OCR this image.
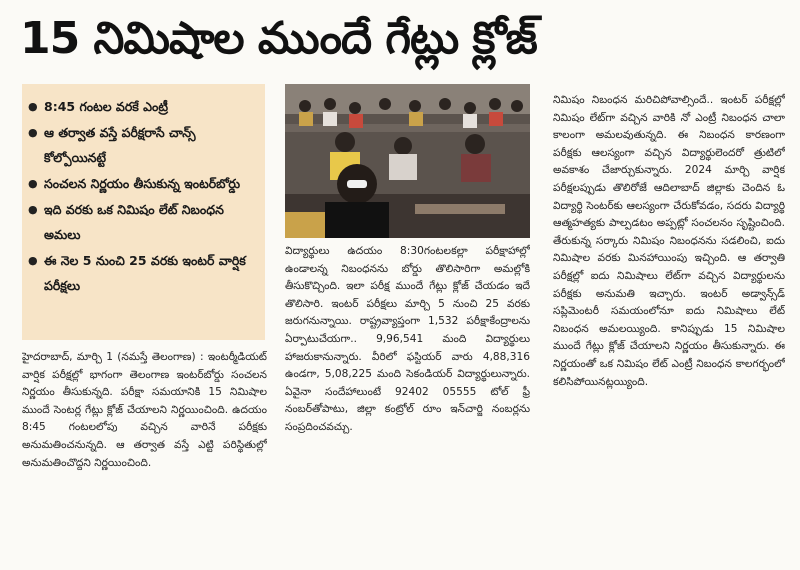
15 నిమిషాల ముందే గేట్లు క్లోజ్
● 8:45 గంటల వరకే ఎంట్రీ
● ఆ తర్వాత వస్తే పరీక్షరాసే చాన్స్ కోల్పోయినట్టే
● సంచలన నిర్ణయం తీసుకున్న ఇంటర్‌బోర్డు
● ఇది వరకు ఒక నిమిషం లేట్ నిబంధన అమలు
● ఈ నెల 5 నుంచి 25 వరకు ఇంటర్ వార్షిక పరీక్షలు

హైదరాబాద్, మార్చి 1 (నమస్తే తెలంగాణ) : ఇంటర్మీడియట్ వార్షిక పరీక్షల్లో భాగంగా తెలంగాణ ఇంటర్‌బోర్డు సంచలన నిర్ణయం తీసుకున్నది. పరీక్షా సమయానికి 15 నిమిషాల ముందే సెంటర్ల గేట్లు క్లోజ్ చేయాలని నిర్ణయించింది. ఉదయం 8:45 గంటలలోపు వచ్చిన వారినే పరీక్షకు అనుమతించనున్నది. ఆ తర్వాత వస్తే ఎట్టి పరిస్థితుల్లో అనుమతించొద్దని నిర్ణయించింది.

విద్యార్థులు ఉదయం 8:30గంటలకల్లా పరీక్షాహాల్లో ఉండాలన్న నిబంధనను బోర్డు తొలిసారిగా అమల్లోకి తీసుకొచ్చింది. ఇలా పరీక్ష ముందే గేట్లు క్లోజ్ చేయడం ఇదే తొలిసారి. ఇంటర్ పరీక్షలు మార్చి 5 నుంచి 25 వరకు జరుగనున్నాయి. రాష్ట్రవ్యాప్తంగా 1,532 పరీక్షాకేంద్రాలను ఏర్పాటుచేయగా.. 9,96,541 మంది విద్యార్థులు హాజరుకానున్నారు. వీరిలో ఫస్టియర్ వారు 4,88,316 ఉండగా, 5,08,225 మంది సెకండియర్ విద్యార్థులున్నారు. ఏవైనా సందేహాలుంటే 92402 05555 టోల్ ఫ్రీ నంబర్‌తోపాటు, జిల్లా కంట్రోల్ రూం ఇన్‌చార్జి నంబర్లను సంప్రదించవచ్చు.

నిమిషం నిబంధన మరిచిపోవాల్సిందే.. ఇంటర్ పరీక్షల్లో నిమిషం లేట్‌గా వచ్చిన వారికి నో ఎంట్రీ నిబంధన చాలా కాలంగా అమలవుతున్నది. ఈ నిబంధన కారణంగా పరీక్షకు ఆలస్యంగా వచ్చిన విద్యార్థులెందరో త్రుటిలో అవకాశం చేజార్చుకున్నారు. 2024 మార్చి వార్షిక పరీక్షలప్పుడు తొలిరోజే ఆదిలాబాద్ జిల్లాకు చెందిన ఓ విద్యార్థి సెంటర్‌కు ఆలస్యంగా చేరుకోవడం, సదరు విద్యార్థి ఆత్మహత్యకు పాల్పడటం అప్పట్లో సంచలనం సృష్టించింది. తేరుకున్న సర్కారు నిమిషం నిబంధనను సడలించి, ఐదు నిమిషాల వరకు మినహాయింపు ఇచ్చింది. ఆ తర్వాతి పరీక్షల్లో ఐదు నిమిషాలు లేట్‌గా వచ్చిన విద్యార్థులను పరీక్షకు అనుమతి ఇచ్చారు. ఇంటర్ అడ్వాన్స్‌డ్ సప్లిమెంటరీ సమయంలోనూ ఐదు నిమిషాలు లేట్ నిబంధన అమలయ్యింది. కానిప్పుడు 15 నిమిషాల ముందే గేట్లు క్లోజ్ చేయాలని నిర్ణయం తీసుకున్నారు. ఈ నిర్ణయంతో ఒక నిమిషం లేట్ ఎంట్రీ నిబంధన కాలగర్భంలో కలిసిపోయినట్లయ్యింది.
